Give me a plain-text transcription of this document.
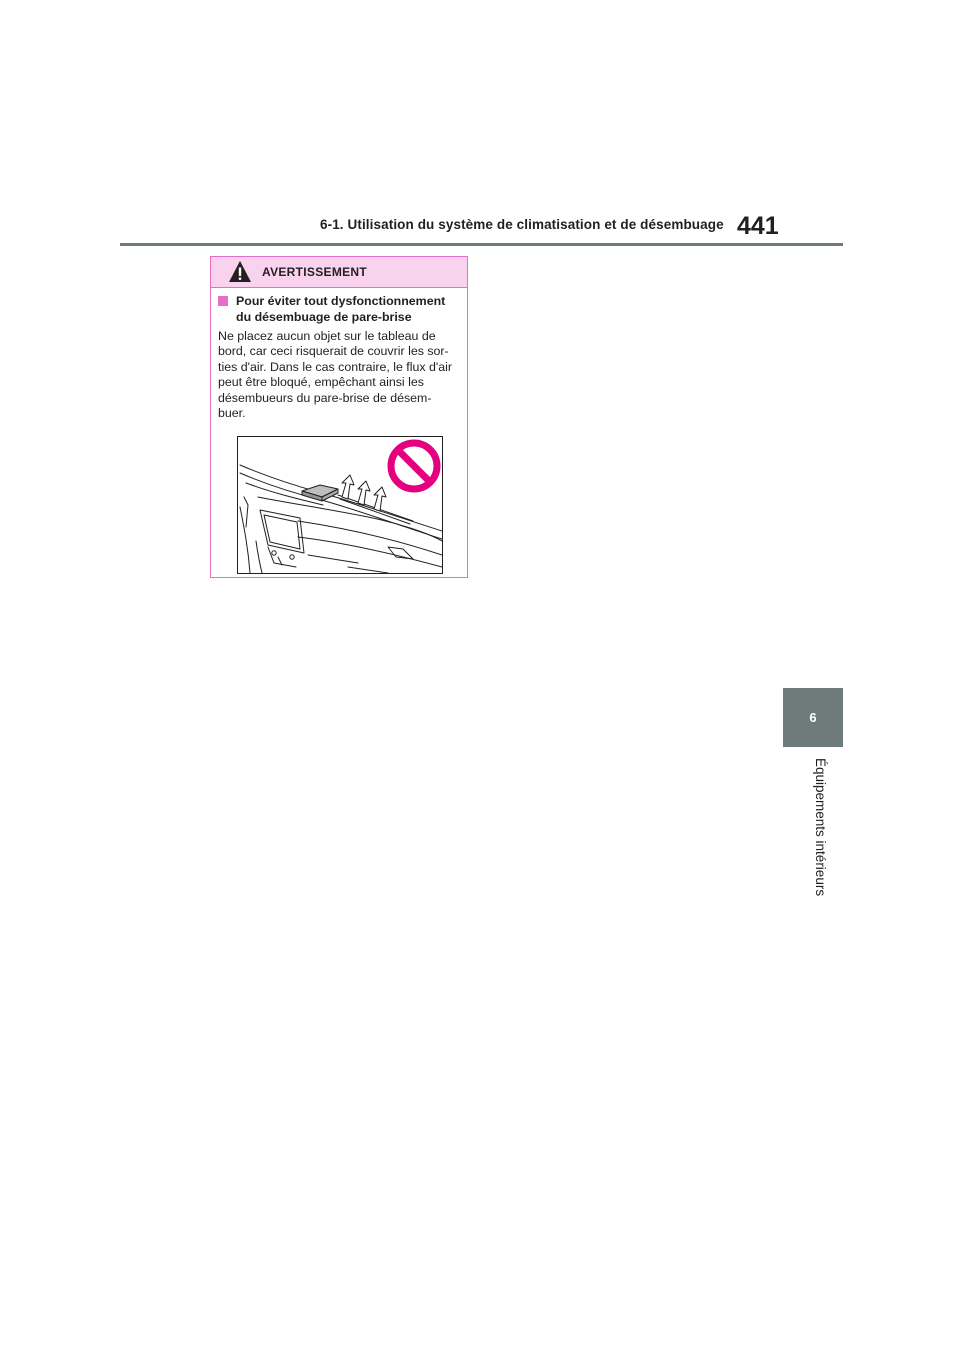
6-1. Utilisation du système de climatisation et de désembuage 441
6
Équipements intérieurs
AVERTISSEMENT
Pour éviter tout dysfonctionnement
du désembuage de pare-brise
Ne placez aucun objet sur le tableau de
bord, car ceci risquerait de couvrir les sor-
ties d'air. Dans le cas contraire, le flux d'air
peut être bloqué, empêchant ainsi les
désembueurs du pare-brise de désem-
buer.
